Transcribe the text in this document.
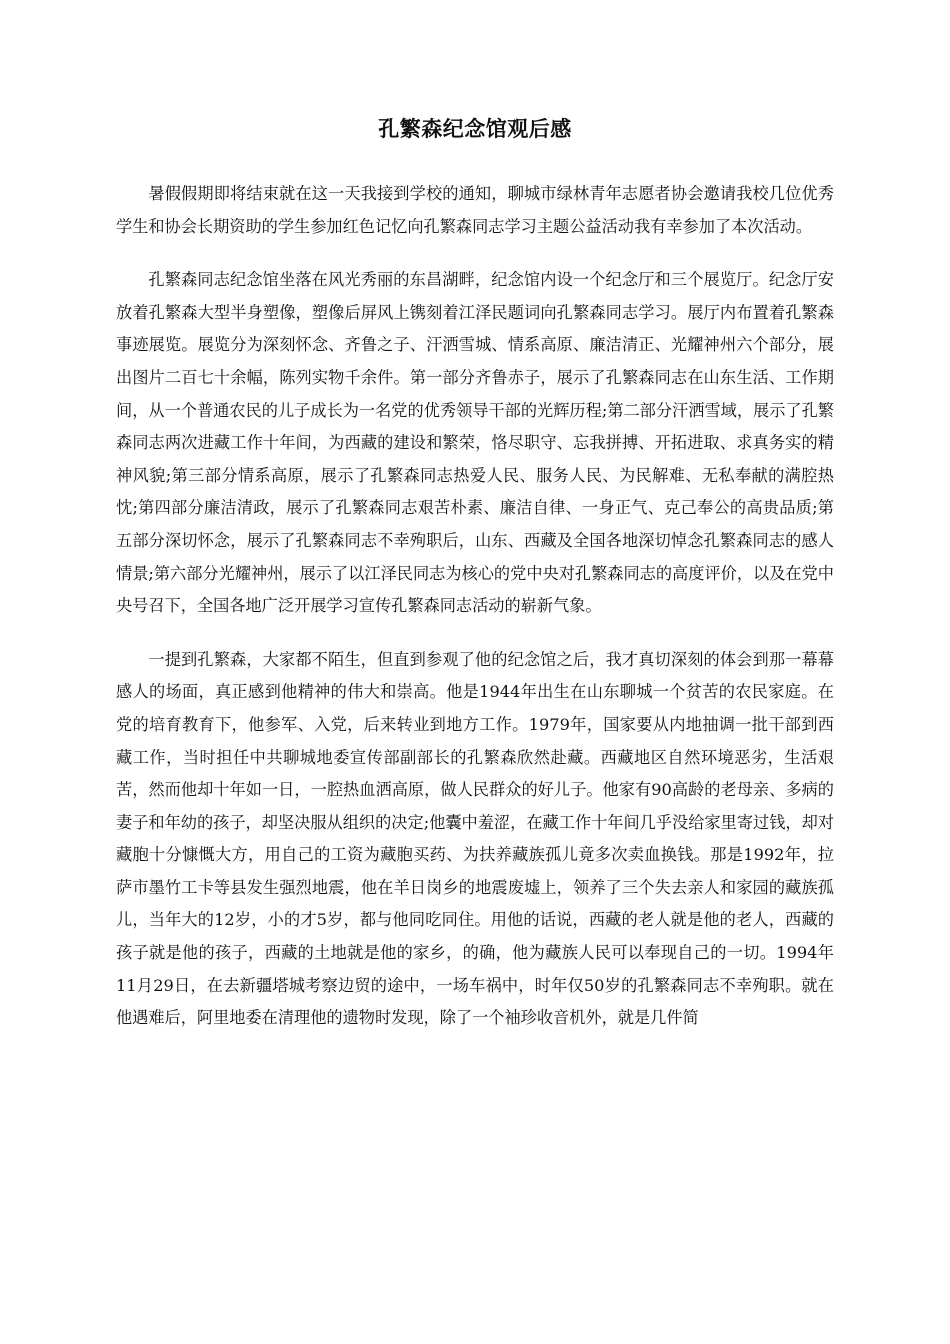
孔繁森纪念馆观后感

暑假假期即将结束就在这一天我接到学校的通知，聊城市绿林青年志愿者协会邀请我校几位优秀学生和协会长期资助的学生参加红色记忆向孔繁森同志学习主题公益活动我有幸参加了本次活动。

孔繁森同志纪念馆坐落在风光秀丽的东昌湖畔，纪念馆内设一个纪念厅和三个展览厅。纪念厅安放着孔繁森大型半身塑像，塑像后屏风上镌刻着江泽民题词向孔繁森同志学习。展厅内布置着孔繁森事迹展览。展览分为深刻怀念、齐鲁之子、汗洒雪城、情系高原、廉洁清正、光耀神州六个部分，展出图片二百七十余幅，陈列实物千余件。第一部分齐鲁赤子，展示了孔繁森同志在山东生活、工作期间，从一个普通农民的儿子成长为一名党的优秀领导干部的光辉历程;第二部分汗洒雪域，展示了孔繁森同志两次进藏工作十年间，为西藏的建设和繁荣，恪尽职守、忘我拼搏、开拓进取、求真务实的精神风貌;第三部分情系高原，展示了孔繁森同志热爱人民、服务人民、为民解难、无私奉献的满腔热忱;第四部分廉洁清政，展示了孔繁森同志艰苦朴素、廉洁自律、一身正气、克己奉公的高贵品质;第五部分深切怀念，展示了孔繁森同志不幸殉职后，山东、西藏及全国各地深切悼念孔繁森同志的感人情景;第六部分光耀神州，展示了以江泽民同志为核心的党中央对孔繁森同志的高度评价，以及在党中央号召下，全国各地广泛开展学习宣传孔繁森同志活动的崭新气象。

一提到孔繁森，大家都不陌生，但直到参观了他的纪念馆之后，我才真切深刻的体会到那一幕幕感人的场面，真正感到他精神的伟大和崇高。他是1944年出生在山东聊城一个贫苦的农民家庭。在党的培育教育下，他参军、入党，后来转业到地方工作。1979年，国家要从内地抽调一批干部到西藏工作，当时担任中共聊城地委宣传部副部长的孔繁森欣然赴藏。西藏地区自然环境恶劣，生活艰苦，然而他却十年如一日，一腔热血洒高原，做人民群众的好儿子。他家有90高龄的老母亲、多病的妻子和年幼的孩子，却坚决服从组织的决定;他囊中羞涩，在藏工作十年间几乎没给家里寄过钱，却对藏胞十分慷慨大方，用自己的工资为藏胞买药、为扶养藏族孤儿竟多次卖血换钱。那是1992年，拉萨市墨竹工卡等县发生强烈地震，他在羊日岗乡的地震废墟上，领养了三个失去亲人和家园的藏族孤儿，当年大的12岁，小的才5岁，都与他同吃同住。用他的话说，西藏的老人就是他的老人，西藏的孩子就是他的孩子，西藏的土地就是他的家乡，的确，他为藏族人民可以奉现自己的一切。1994年11月29日，在去新疆塔城考察边贸的途中，一场车祸中，时年仅50岁的孔繁森同志不幸殉职。就在他遇难后，阿里地委在清理他的遗物时发现，除了一个袖珍收音机外，就是几件简
